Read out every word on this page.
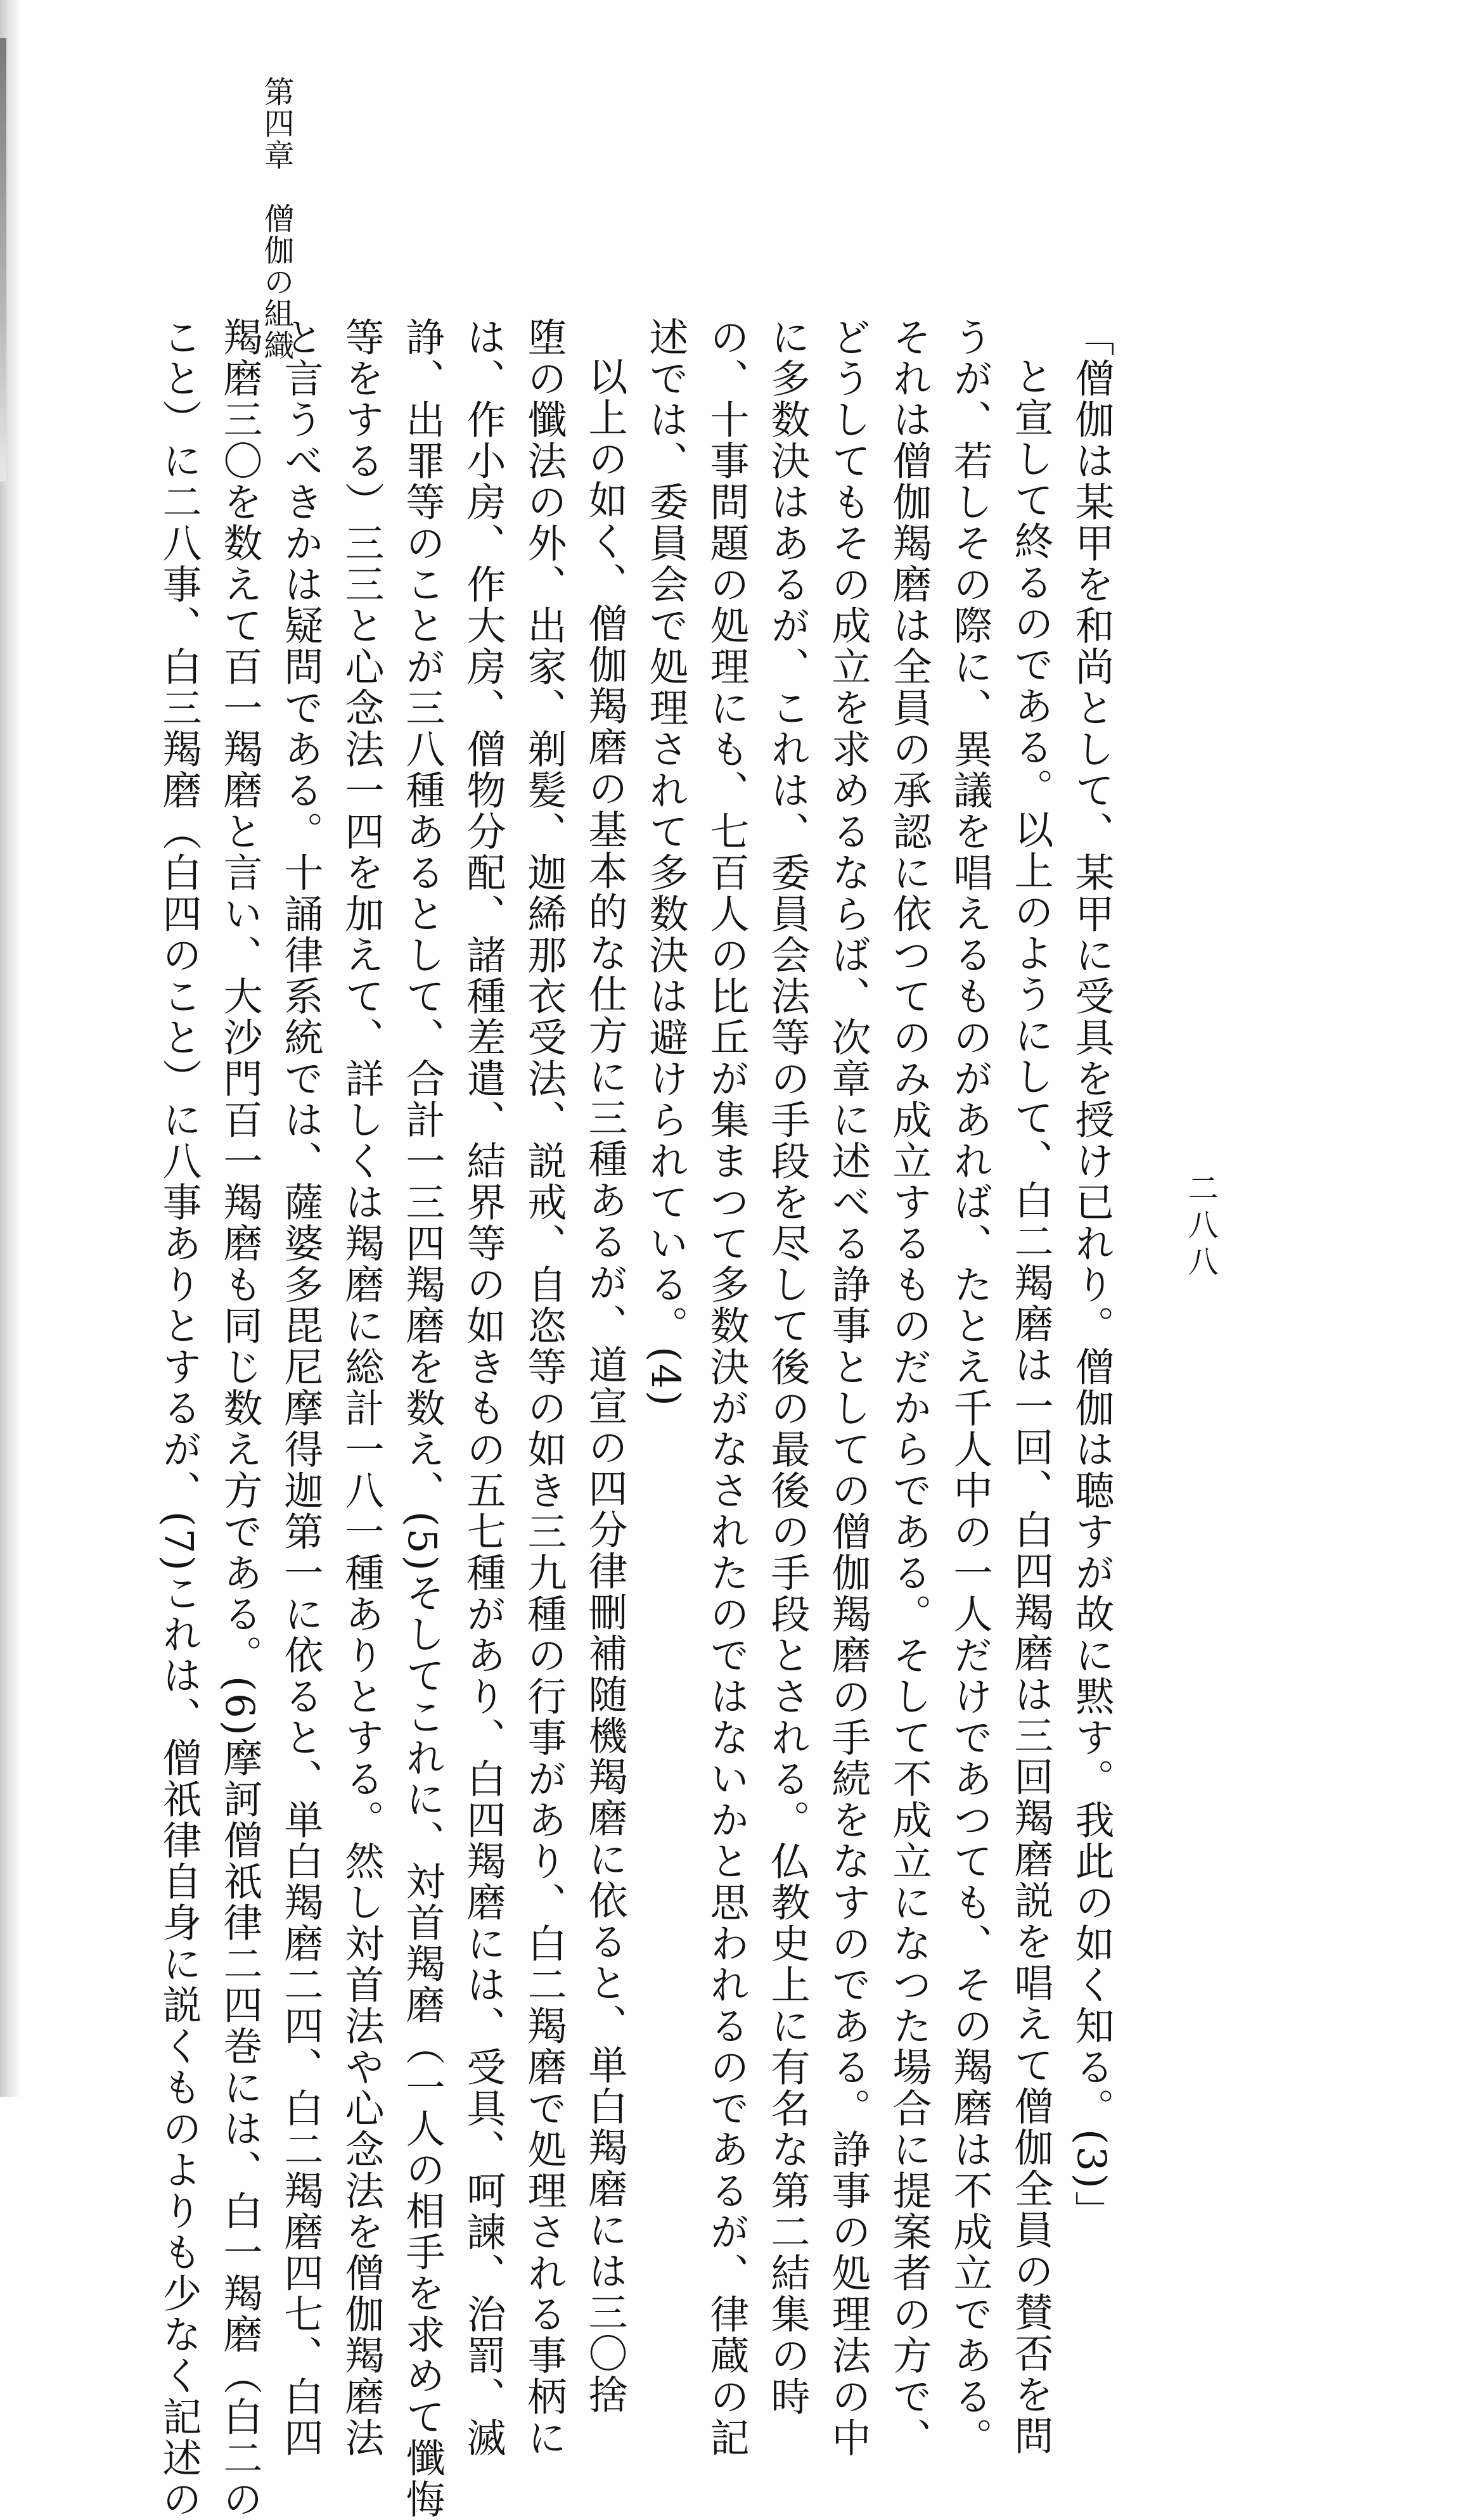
第四章　僧伽の組織
二八八
「僧伽は某甲を和尚として、某甲に受具を授け已れり。僧伽は聴すが故に黙す。我此の如く知る。(3)」
と宣して終るのである。以上のようにして、白二羯磨は一回、白四羯磨は三回羯磨説を唱えて僧伽全員の賛否を問
うが、若しその際に、異議を唱えるものがあれば、たとえ千人中の一人だけであつても、その羯磨は不成立である。
それは僧伽羯磨は全員の承認に依つてのみ成立するものだからである。そして不成立になつた場合に提案者の方で、
どうしてもその成立を求めるならば、次章に述べる諍事としての僧伽羯磨の手続をなすのである。諍事の処理法の中
に多数決はあるが、これは、委員会法等の手段を尽して後の最後の手段とされる。仏教史上に有名な第二結集の時
の、十事問題の処理にも、七百人の比丘が集まつて多数決がなされたのではないかと思われるのであるが、律蔵の記
述では、委員会で処理されて多数決は避けられている。(4)
以上の如く、僧伽羯磨の基本的な仕方に三種あるが、道宣の四分律刪補随機羯磨に依ると、単白羯磨には三〇捨
堕の懺法の外、出家、剃髪、迦絺那衣受法、説戒、自恣等の如き三九種の行事があり、白二羯磨で処理される事柄に
は、作小房、作大房、僧物分配、諸種差遣、結界等の如きもの五七種があり、白四羯磨には、受具、呵諫、治罰、滅
諍、出罪等のことが三八種あるとして、合計一三四羯磨を数え、(5)そしてこれに、対首羯磨（一人の相手を求めて懺悔
等をする）三三と心念法一四を加えて、詳しくは羯磨に総計一八一種ありとする。然し対首法や心念法を僧伽羯磨法
と言うべきかは疑問である。十誦律系統では、薩婆多毘尼摩得迦第一に依ると、単白羯磨二四、白二羯磨四七、白四
羯磨三〇を数えて百一羯磨と言い、大沙門百一羯磨も同じ数え方である。(6)摩訶僧祇律二四巻には、白一羯磨（白二の
こと）に二八事、白三羯磨（白四のこと）に八事ありとするが、(7)これは、僧祇律自身に説くものよりも少なく記述の
